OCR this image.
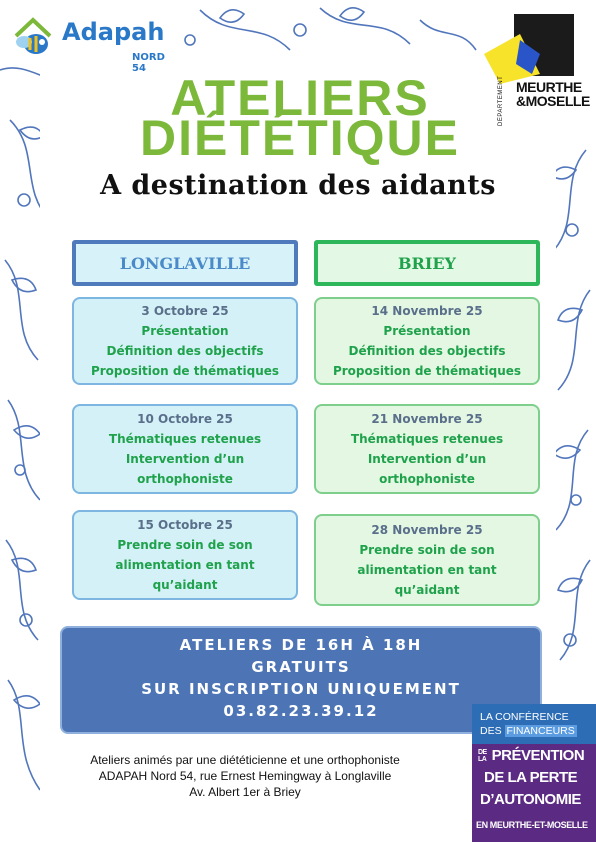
Adapah
NORD 54
DÉPARTEMENT MEURTHE
&MOSELLE
ATELIERS
DIÉTÉTIQUE
A destination des aidants
LONGLAVILLE	BRIEY
3 Octobre 25
Présentation
Définition des objectifs
Proposition de thématiques
10 Octobre 25
Thématiques retenues
Intervention d’un
orthophoniste
15 Octobre 25
Prendre soin de son
alimentation en tant
qu’aidant
14 Novembre 25
Présentation
Définition des objectifs
Proposition de thématiques
21 Novembre 25
Thématiques retenues
Intervention d’un
orthophoniste
28 Novembre 25
Prendre soin de son
alimentation en tant
qu’aidant
ATELIERS DE 16H À 18H
GRATUITS
SUR INSCRIPTION UNIQUEMENT
03.82.23.39.12
Ateliers animés par une diététicienne et une orthophoniste
ADAPAH Nord 54, rue Ernest Hemingway à Longlaville
Av. Albert 1er à Briey
LA CONFÉRENCE
DES FINANCEURS
DE LA PRÉVENTION
DE LA PERTE
D’AUTONOMIE
EN MEURTHE-ET-MOSELLE
